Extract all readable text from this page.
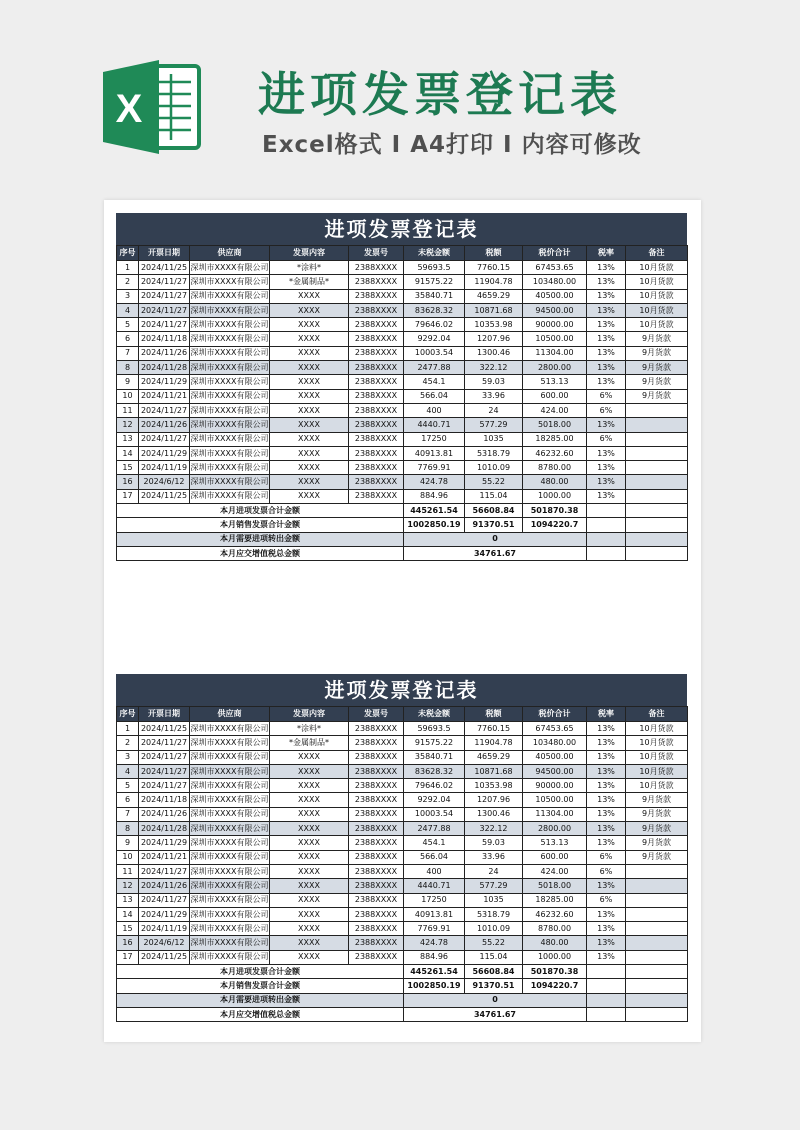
X 进项发票登记表
Excel格式 I A4打印 I 内容可修改
进项发票登记表
序号	开票日期	供应商	发票内容	发票号	未税金额	税额	税价合计	税率	备注
1	2024/11/25	深圳市XXXX有限公司	*涂料*	2388XXXX	59693.5	7760.15	67453.65	13%	10月货款
2	2024/11/27	深圳市XXXX有限公司	*金属制品*	2388XXXX	91575.22	11904.78	103480.00	13%	10月货款
3	2024/11/27	深圳市XXXX有限公司	XXXX	2388XXXX	35840.71	4659.29	40500.00	13%	10月货款
4	2024/11/27	深圳市XXXX有限公司	XXXX	2388XXXX	83628.32	10871.68	94500.00	13%	10月货款
5	2024/11/27	深圳市XXXX有限公司	XXXX	2388XXXX	79646.02	10353.98	90000.00	13%	10月货款
6	2024/11/18	深圳市XXXX有限公司	XXXX	2388XXXX	9292.04	1207.96	10500.00	13%	9月货款
7	2024/11/26	深圳市XXXX有限公司	XXXX	2388XXXX	10003.54	1300.46	11304.00	13%	9月货款
8	2024/11/28	深圳市XXXX有限公司	XXXX	2388XXXX	2477.88	322.12	2800.00	13%	9月货款
9	2024/11/29	深圳市XXXX有限公司	XXXX	2388XXXX	454.1	59.03	513.13	13%	9月货款
10	2024/11/21	深圳市XXXX有限公司	XXXX	2388XXXX	566.04	33.96	600.00	6%	9月货款
11	2024/11/27	深圳市XXXX有限公司	XXXX	2388XXXX	400	24	424.00	6%	
12	2024/11/26	深圳市XXXX有限公司	XXXX	2388XXXX	4440.71	577.29	5018.00	13%	
13	2024/11/27	深圳市XXXX有限公司	XXXX	2388XXXX	17250	1035	18285.00	6%	
14	2024/11/29	深圳市XXXX有限公司	XXXX	2388XXXX	40913.81	5318.79	46232.60	13%	
15	2024/11/19	深圳市XXXX有限公司	XXXX	2388XXXX	7769.91	1010.09	8780.00	13%	
16	2024/6/12	深圳市XXXX有限公司	XXXX	2388XXXX	424.78	55.22	480.00	13%	
17	2024/11/25	深圳市XXXX有限公司	XXXX	2388XXXX	884.96	115.04	1000.00	13%	
本月进项发票合计金额					445261.54	56608.84	501870.38		
本月销售发票合计金额					1002850.19	91370.51	1094220.7		
本月需要进项转出金额					0				
本月应交增值税总金额					34761.67				
进项发票登记表
序号	开票日期	供应商	发票内容	发票号	未税金额	税额	税价合计	税率	备注
1	2024/11/25	深圳市XXXX有限公司	*涂料*	2388XXXX	59693.5	7760.15	67453.65	13%	10月货款
2	2024/11/27	深圳市XXXX有限公司	*金属制品*	2388XXXX	91575.22	11904.78	103480.00	13%	10月货款
3	2024/11/27	深圳市XXXX有限公司	XXXX	2388XXXX	35840.71	4659.29	40500.00	13%	10月货款
4	2024/11/27	深圳市XXXX有限公司	XXXX	2388XXXX	83628.32	10871.68	94500.00	13%	10月货款
5	2024/11/27	深圳市XXXX有限公司	XXXX	2388XXXX	79646.02	10353.98	90000.00	13%	10月货款
6	2024/11/18	深圳市XXXX有限公司	XXXX	2388XXXX	9292.04	1207.96	10500.00	13%	9月货款
7	2024/11/26	深圳市XXXX有限公司	XXXX	2388XXXX	10003.54	1300.46	11304.00	13%	9月货款
8	2024/11/28	深圳市XXXX有限公司	XXXX	2388XXXX	2477.88	322.12	2800.00	13%	9月货款
9	2024/11/29	深圳市XXXX有限公司	XXXX	2388XXXX	454.1	59.03	513.13	13%	9月货款
10	2024/11/21	深圳市XXXX有限公司	XXXX	2388XXXX	566.04	33.96	600.00	6%	9月货款
11	2024/11/27	深圳市XXXX有限公司	XXXX	2388XXXX	400	24	424.00	6%	
12	2024/11/26	深圳市XXXX有限公司	XXXX	2388XXXX	4440.71	577.29	5018.00	13%	
13	2024/11/27	深圳市XXXX有限公司	XXXX	2388XXXX	17250	1035	18285.00	6%	
14	2024/11/29	深圳市XXXX有限公司	XXXX	2388XXXX	40913.81	5318.79	46232.60	13%	
15	2024/11/19	深圳市XXXX有限公司	XXXX	2388XXXX	7769.91	1010.09	8780.00	13%	
16	2024/6/12	深圳市XXXX有限公司	XXXX	2388XXXX	424.78	55.22	480.00	13%	
17	2024/11/25	深圳市XXXX有限公司	XXXX	2388XXXX	884.96	115.04	1000.00	13%	
本月进项发票合计金额					445261.54	56608.84	501870.38		
本月销售发票合计金额					1002850.19	91370.51	1094220.7		
本月需要进项转出金额					0				
本月应交增值税总金额					34761.67				
